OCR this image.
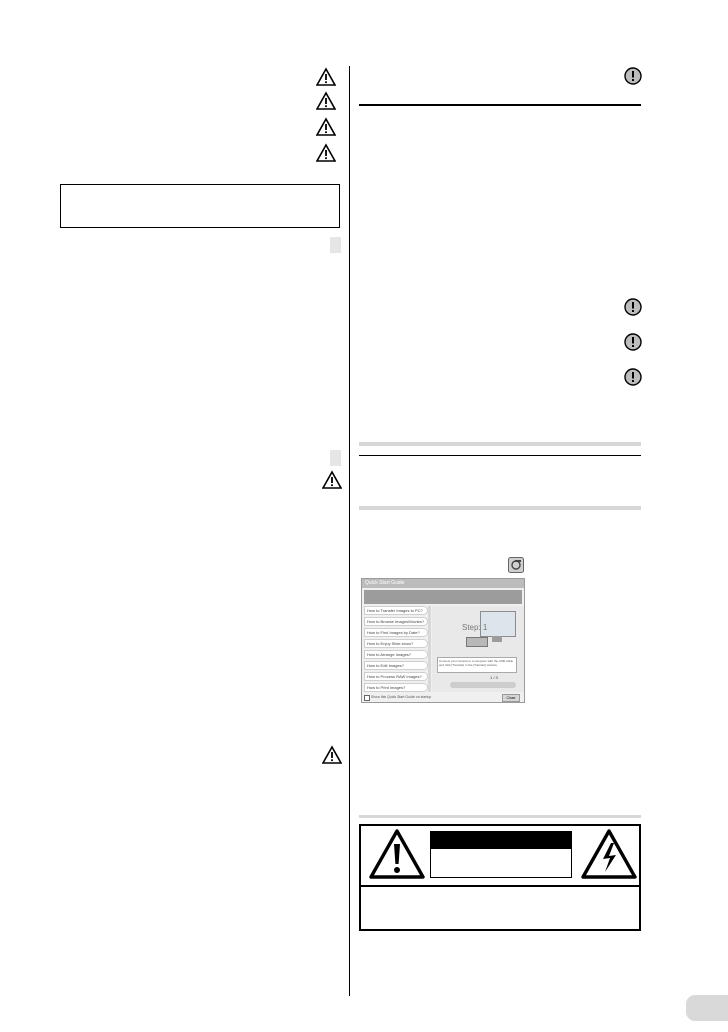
Quick Start Guide
How to Transfer Images to PC?
How to Browse Images/Movies?
How to Find Images by Date?
How to Enjoy Slide show?
How to Arrange Images?
How to Edit Images?
How to Process RAW Images?
How to Print Images?
Step: 1
Connect your camera to a computer with the USB cable and click [Transfer] in the [Transfer] window.
1 / 3
Show this Quick Start Guide on startup	Close
